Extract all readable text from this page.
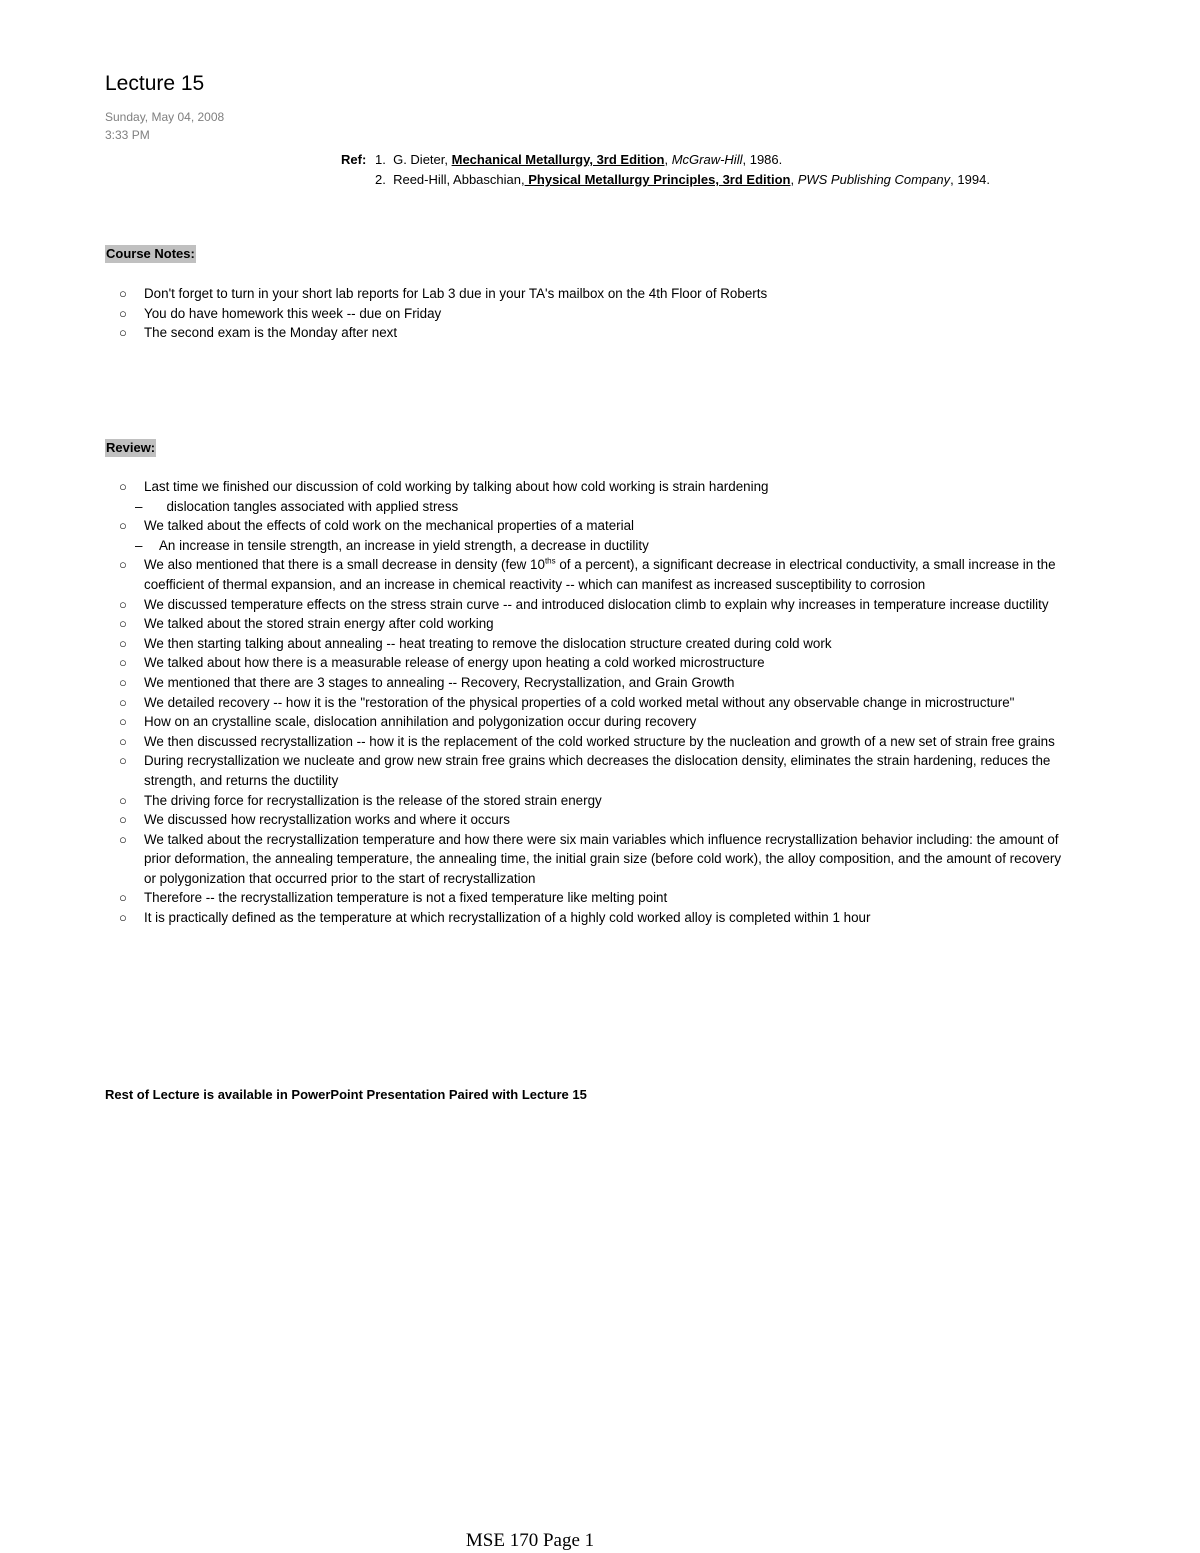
Lecture 15
Sunday, May 04, 2008
3:33 PM
Ref: 1. G. Dieter, Mechanical Metallurgy, 3rd Edition, McGraw-Hill, 1986.
2. Reed-Hill, Abbaschian, Physical Metallurgy Principles, 3rd Edition, PWS Publishing Company, 1994.
Course Notes:
○ Don't forget to turn in your short lab reports for Lab 3 due in your TA's mailbox on the 4th Floor of Roberts
○ You do have homework this week -- due on Friday
○ The second exam is the Monday after next
Review:
○ Last time we finished our discussion of cold working by talking about how cold working is strain hardening
– dislocation tangles associated with applied stress
○ We talked about the effects of cold work on the mechanical properties of a material
– An increase in tensile strength, an increase in yield strength, a decrease in ductility
○ We also mentioned that there is a small decrease in density (few $10^{ths}$ of a percent), a significant decrease in electrical conductivity, a small increase in the coefficient of thermal expansion, and an increase in chemical reactivity -- which can manifest as increased susceptibility to corrosion
○ We discussed temperature effects on the stress strain curve -- and introduced dislocation climb to explain why increases in temperature increase ductility
○ We talked about the stored strain energy after cold working
○ We then starting talking about annealing -- heat treating to remove the dislocation structure created during cold work
○ We talked about how there is a measurable release of energy upon heating a cold worked microstructure
○ We mentioned that there are 3 stages to annealing -- Recovery, Recrystallization, and Grain Growth
○ We detailed recovery -- how it is the "restoration of the physical properties of a cold worked metal without any observable change in microstructure"
○ How on an crystalline scale, dislocation annihilation and polygonization occur during recovery
○ We then discussed recrystallization -- how it is the replacement of the cold worked structure by the nucleation and growth of a new set of strain free grains
○ During recrystallization we nucleate and grow new strain free grains which decreases the dislocation density, eliminates the strain hardening, reduces the strength, and returns the ductility
○ The driving force for recrystallization is the release of the stored strain energy
○ We discussed how recrystallization works and where it occurs
○ We talked about the recrystallization temperature and how there were six main variables which influence recrystallization behavior including: the amount of prior deformation, the annealing temperature, the annealing time, the initial grain size (before cold work), the alloy composition, and the amount of recovery or polygonization that occurred prior to the start of recrystallization
○ Therefore -- the recrystallization temperature is not a fixed temperature like melting point
○ It is practically defined as the temperature at which recrystallization of a highly cold worked alloy is completed within 1 hour
Rest of Lecture is available in PowerPoint Presentation Paired with Lecture 15
MSE 170 Page 1
